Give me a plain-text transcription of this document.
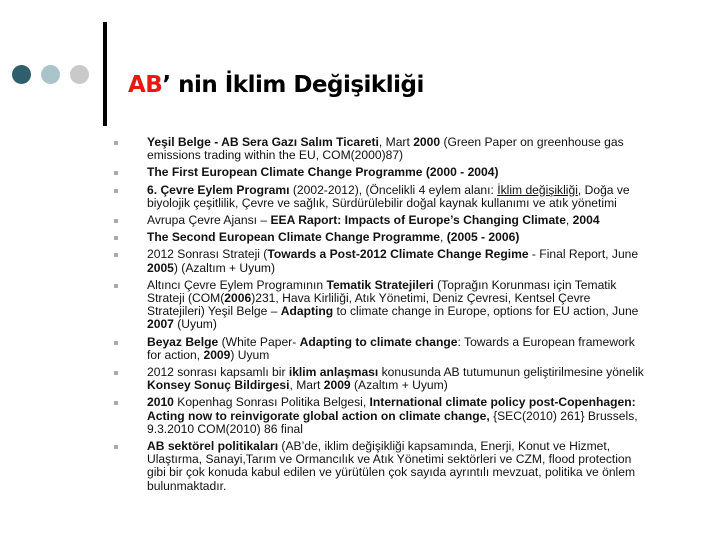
AB’ nin İklim Değişikliği
Yeşil Belge - AB Sera Gazı Salım Ticareti, Mart 2000 (Green Paper on greenhouse gas emissions trading within the EU, COM(2000)87)
The First European Climate Change Programme (2000 - 2004)
6. Çevre Eylem Programı (2002-2012), (Öncelikli 4 eylem alanı: İklim değişikliği, Doğa ve biyolojik çeşitlilik, Çevre ve sağlık, Sürdürülebilir doğal kaynak kullanımı ve atık yönetimi
Avrupa Çevre Ajansı – EEA Raport: Impacts of Europe’s Changing Climate, 2004
The Second European Climate Change Programme, (2005 - 2006)
2012 Sonrası Strateji (Towards a Post-2012 Climate Change Regime - Final Report, June 2005) (Azaltım + Uyum)
Altıncı Çevre Eylem Programının Tematik Stratejileri (Toprağın Korunması için Tematik Strateji (COM(2006)231, Hava Kirliliği, Atık Yönetimi, Deniz Çevresi, Kentsel Çevre Stratejileri) Yeşil Belge – Adapting to climate change in Europe, options for EU action, June 2007 (Uyum)
Beyaz Belge (White Paper- Adapting to climate change: Towards a European framework for action, 2009) Uyum
2012 sonrası kapsamlı bir iklim anlaşması konusunda AB tutumunun geliştirilmesine yönelik Konsey Sonuç Bildirgesi, Mart 2009 (Azaltım + Uyum)
2010 Kopenhag Sonrası Politika Belgesi, International climate policy post-Copenhagen: Acting now to reinvigorate global action on climate change, {SEC(2010) 261} Brussels, 9.3.2010 COM(2010) 86 final
AB sektörel politikaları (AB’de, iklim değişikliği kapsamında, Enerji, Konut ve Hizmet, Ulaştırma, Sanayi,Tarım ve Ormancılık ve Atık Yönetimi sektörleri ve CZM, flood protection gibi bir çok konuda kabul edilen ve yürütülen çok sayıda ayrıntılı mevzuat, politika ve önlem bulunmaktadır.
